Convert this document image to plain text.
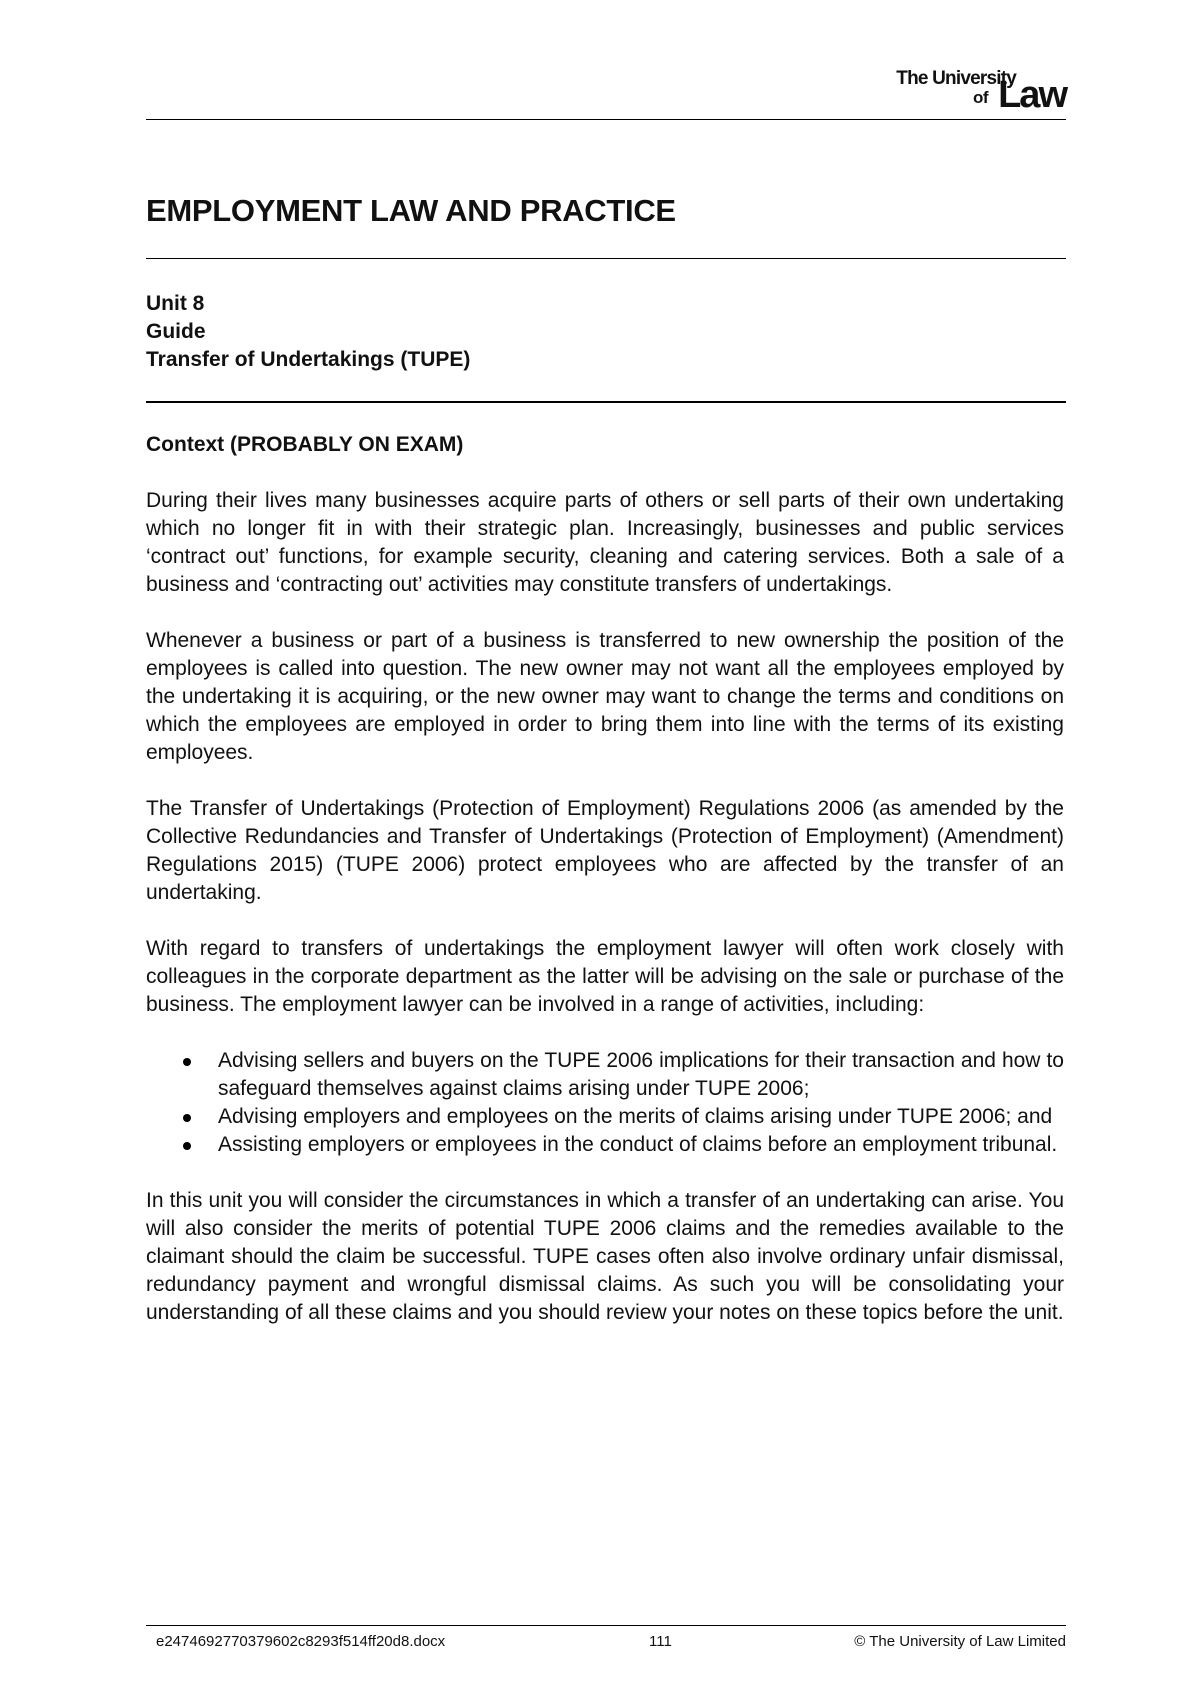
The University
of Law
EMPLOYMENT LAW AND PRACTICE
Unit 8
Guide
Transfer of Undertakings (TUPE)
Context (PROBABLY ON EXAM)

During their lives many businesses acquire parts of others or sell parts of their own undertaking which no longer fit in with their strategic plan. Increasingly, businesses and public services ‘contract out’ functions, for example security, cleaning and catering services. Both a sale of a business and ‘contracting out’ activities may constitute transfers of undertakings.

Whenever a business or part of a business is transferred to new ownership the position of the employees is called into question. The new owner may not want all the employees employed by the undertaking it is acquiring, or the new owner may want to change the terms and conditions on which the employees are employed in order to bring them into line with the terms of its existing employees.

The Transfer of Undertakings (Protection of Employment) Regulations 2006 (as amended by the Collective Redundancies and Transfer of Undertakings (Protection of Employment) (Amendment) Regulations 2015) (TUPE 2006) protect employees who are affected by the transfer of an undertaking.

With regard to transfers of undertakings the employment lawyer will often work closely with colleagues in the corporate department as the latter will be advising on the sale or purchase of the business. The employment lawyer can be involved in a range of activities, including:

Advising sellers and buyers on the TUPE 2006 implications for their transaction and how to safeguard themselves against claims arising under TUPE 2006;
Advising employers and employees on the merits of claims arising under TUPE 2006; and
Assisting employers or employees in the conduct of claims before an employment tribunal.

In this unit you will consider the circumstances in which a transfer of an undertaking can arise. You will also consider the merits of potential TUPE 2006 claims and the remedies available to the claimant should the claim be successful. TUPE cases often also involve ordinary unfair dismissal, redundancy payment and wrongful dismissal claims. As such you will be consolidating your understanding of all these claims and you should review your notes on these topics before the unit.

e2474692770379602c8293f514ff20d8.docx	111	© The University of Law Limited
